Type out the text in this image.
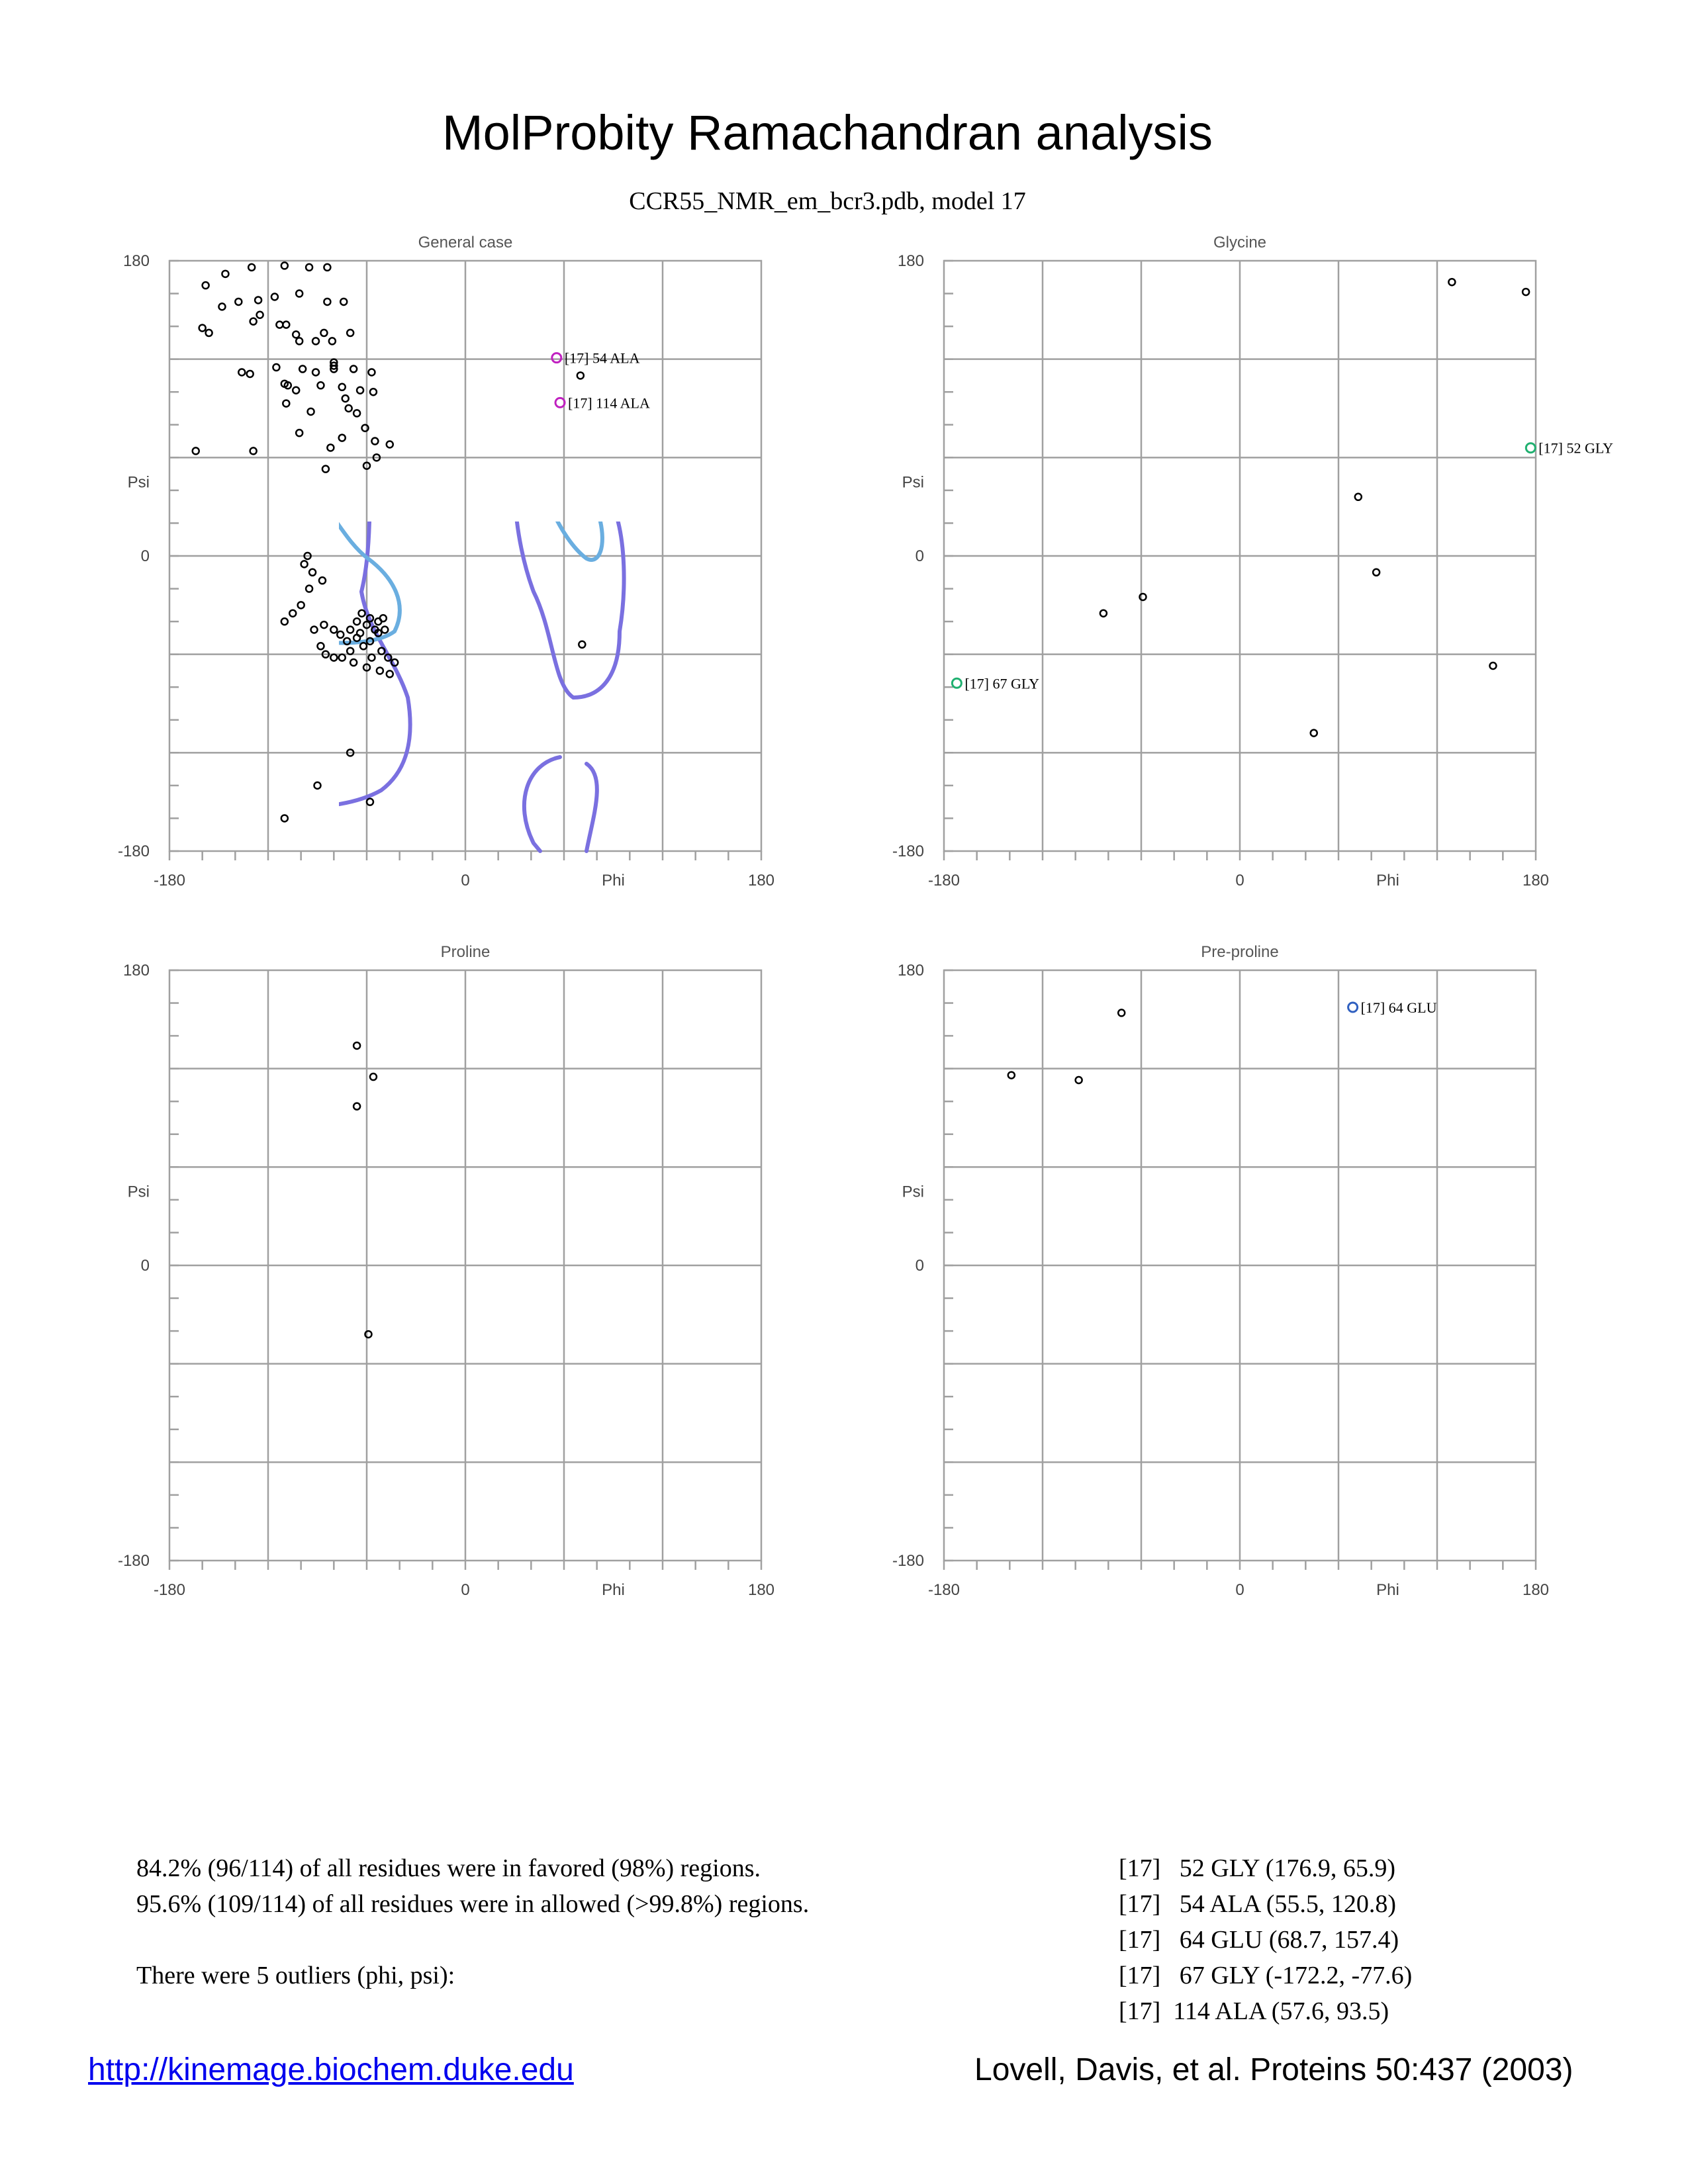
MolProbity Ramachandran analysis
CCR55_NMR_em_bcr3.pdb, model 17
General case
180
0
-180
Psi
-180	0	180
Phi
[17] 54 ALA
[17] 114 ALA
Glycine
180
0
-180
Psi
-180	0	180
Phi
[17] 52 GLY
[17] 67 GLY
Proline
180
0
-180
Psi
-180	0	180
Phi
Pre-proline
180
0
-180
Psi
-180	0	180
Phi
[17] 64 GLU
84.2% (96/114) of all residues were in favored (98%) regions.
95.6% (109/114) of all residues were in allowed (>99.8%) regions.

There were 5 outliers (phi, psi):
[17]   52 GLY (176.9, 65.9)
[17]   54 ALA (55.5, 120.8)
[17]   64 GLU (68.7, 157.4)
[17]   67 GLY (-172.2, -77.6)
[17]  114 ALA (57.6, 93.5)
http://kinemage.biochem.duke.edu	Lovell, Davis, et al. Proteins 50:437 (2003)
